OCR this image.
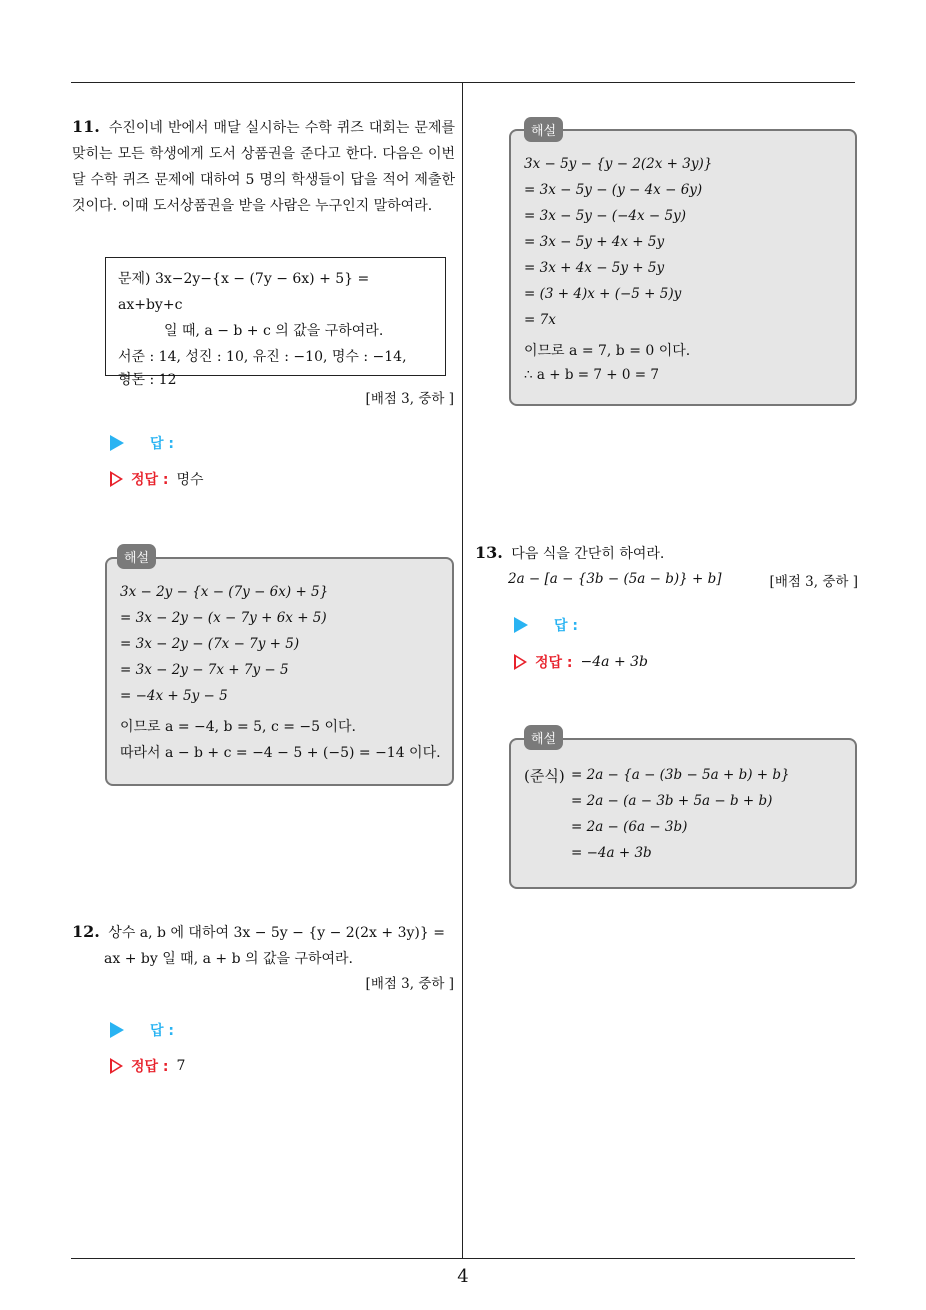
4
11. 수진이네 반에서 매달 실시하는 수학 퀴즈 대회는 문제를 맞히는 모든 학생에게 도서 상품권을 준다고 한다. 다음은 이번 달 수학 퀴즈 문제에 대하여 5 명의 학생들이 답을 적어 제출한 것이다. 이때 도서상품권을 받을 사람은 누구인지 말하여라.
문제) 3x−2y−{x − (7y − 6x) + 5} = ax+by+c
일 때, a − b + c 의 값을 구하여라.
서준 : 14, 성진 : 10, 유진 : −10, 명수 : −14,
형돈 : 12
[배점 3, 중하 ]
답 :
정답 : 명수
해설
3x − 2y − {x − (7y − 6x) + 5}
= 3x − 2y − (x − 7y + 6x + 5)
= 3x − 2y − (7x − 7y + 5)
= 3x − 2y − 7x + 7y − 5
= −4x + 5y − 5
이므로 a = −4, b = 5, c = −5 이다.
따라서 a − b + c = −4 − 5 + (−5) = −14 이다.
12. 상수 a, b 에 대하여 3x − 5y − {y − 2(2x + 3y)} =
ax + by 일 때, a + b 의 값을 구하여라.
[배점 3, 중하 ]
답 :
정답 : 7
해설
3x − 5y − {y − 2(2x + 3y)}
= 3x − 5y − (y − 4x − 6y)
= 3x − 5y − (−4x − 5y)
= 3x − 5y + 4x + 5y
= 3x + 4x − 5y + 5y
= (3 + 4)x + (−5 + 5)y
= 7x
이므로 a = 7, b = 0 이다.
∴ a + b = 7 + 0 = 7
13. 다음 식을 간단히 하여라.
2a − [a − {3b − (5a − b)} + b]	[배점 3, 중하 ]
답 :
정답 : −4a + 3b
해설
(준식) = 2a − {a − (3b − 5a + b) + b}
= 2a − (a − 3b + 5a − b + b)
= 2a − (6a − 3b)
= −4a + 3b
